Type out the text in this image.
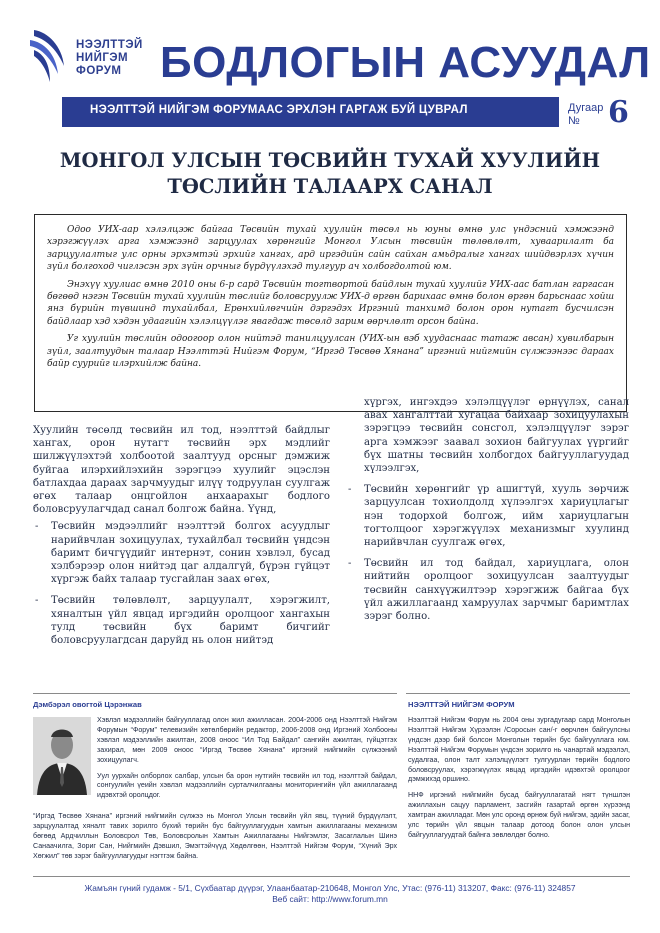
НЭЭЛТТЭЙ
НИЙГЭМ
ФОРУМ БОДЛОГЫН АСУУДАЛ
НЭЭЛТТЭЙ НИЙГЭМ ФОРУМААС ЭРХЛЭН ГАРГАЖ БУЙ ЦУВРАЛ	Дугаар
№ 6
МОНГОЛ УЛСЫН ТӨСВИЙН ТУХАЙ ХУУЛИЙН
ТӨСЛИЙН ТАЛААРХ САНАЛ

Одоо УИХ-аар хэлэлцэж байгаа Төсвийн тухай хуулийн төсөл нь юуны өмнө улс үндэсний хэмжээнд хэрэгжүүлэх арга хэмжээнд зарцуулах хөрөнгийг Монгол Улсын төсвийн төлөвлөлт, хуваарилалт ба зарцуулалтыг улс орны эрхэмтэй эрхийг хангах, ард иргэдийн сайн сайхан амьдралыг хангах шийдвэрлэх хүчин зүйл болгоход чиглэсэн эрх зүйн орчныг бүрдүүлэхэд тулгуур ач холбогдолтой юм.

Энэхүү хуулиас өмнө 2010 оны 6-р сард Төсвийн тогтвортой байдлын тухай хуулийг УИХ-аас батлан гаргасан бөгөөд нэгэн Төсвийн тухай хуулийн төслийг боловсруулж УИХ-д өргөн барихаас өмнө болон өргөн барьснаас хойш янз бүрийн түвшинд тухайлбал, Ерөнхийлөгчийн дэргэдэх Иргэний танхимд болон орон нутагт бусчилсэн байдлаар хэд хэдэн удаагийн хэлэлцүүлэг явагдаж төсөлд зарим өөрчлөлт орсон байна.

Уг хуулийн төслийн одоогоор олон нийтэд танилцуулсан (УИХ-ын вэб хуудаснаас татаж авсан) хувилбарын зүйл, заалтуудын талаар Нээлттэй Нийгэм Форум, “Иргэд Төсвөө Хянана” иргэний нийгмийн сүлжээнээс дараах байр суурийг илэрхийлж байна.

Хуулийн төсөлд төсвийн ил тод, нээлттэй байдлыг хангах, орон нутагт төсвийн эрх мэдлийг шилжүүлэхтэй холбоотой заалтууд орсныг дэмжиж буйгаа илэрхийлэхийн зэрэгцээ хуулийг эцэслэн батлахдаа дараах зарчмуудыг илүү тодруулан суулгаж өгөх талаар онцгойлон анхаарахыг бодлого боловсруулагчдад санал болгож байна. Үүнд,

- Төсвийн мэдээллийг нээлттэй болгох асуудлыг нарийвчлан зохицуулах, тухайлбал төсвийн үндсэн баримт бичгүүдийг интернэт, сонин хэвлэл, бусад хэлбэрээр олон нийтэд цаг алдалгүй, бүрэн гүйцэт хүргэж байх талаар тусгайлан заах өгөх,
- Төсвийн төлөвлөлт, зарцуулалт, хэрэгжилт, хяналтын үйл явцад иргэдийн оролцоог хангахын тулд төсвийн бүх баримт бичгийг боловсруулагдсан даруйд нь олон нийтэд
хүргэх, ингэхдээ хэлэлцүүлэг өрнүүлэх, санал авах хангалттай хугацаа байхаар зохицуулахын зэрэгцээ төсвийн сонсгол, хэлэлцүүлэг зэрэг арга хэмжээг заавал зохион байгуулах үүргийг бүх шатны төсвийн холбогдох байгууллагуудад хүлээлгэх,
- Төсвийн хөрөнгийг үр ашигтүй, хууль зөрчиж зарцуулсан тохиолдолд хүлээлгэх хариуцлагыг нэн тодорхой болгож, ийм хариуцлагын тогтолцоог хэрэгжүүлэх механизмыг хуулинд нарийвчлан суулгаж өгөх,
- Төсвийн ил тод байдал, хариуцлага, олон нийтийн оролцоог зохицуулсан заалтуудыг төсвийн санхүүжилтээр хэрэгжиж байгаа бүх үйл ажиллагаанд хамруулах зарчмыг баримтлах зэрэг болно.
Дэмбэрэл овогтой Цэрэнжав

Хэвлэл мэдээллийн байгууллагад олон жил ажилласан. 2004-2006 онд Нээлттэй Нийгэм Форумын “Форум” телевизийн хөтөлбөрийн редактор, 2006-2008 онд Иргэний Холбооны хэвлэл мэдээллийн ажилтан, 2008 оноос “Ил Тод Байдал” сангийн ажилтан, гүйцэтгэх захирал, мөн 2009 оноос “Иргэд Төсвөө Хянана” иргэний нийгмийн сүлжээний зохицуулагч.

Уул уурхайн олборлох салбар, улсын ба орон нутгийн төсвийн ил тод, нээлттэй байдал, сонгуулийн үеийн хэвлэл мэдээллийн сурталчилгааны мониторингийн үйл ажиллагаанд идэвхтэй оролцдог.

“Иргэд Төсвөө Хянана” иргэний нийгмийн сүлжээ нь Монгол Улсын төсвийн үйл явц, түүний бүрдүүлэлт, зарцуулалтад хяналт тавих зорилго бүхий төрийн бус байгууллагуудын хамтын ажиллагааны механизм бөгөөд Ардчиллын Боловсрол Төв, Боловсролын Хамтын Ажиллагааны Нийгэмлэг, Засаглалын Шинэ Санаачилга, Зориг Сан, Нийгмийн Дэвшил, Эмэгтэйчүүд Хөдөлгөөн, Нээлттэй Нийгэм Форум, “Хүний Эрх Хөгжил” төв зэрэг байгууллагуудыг нэгтгэж байна.
НЭЭЛТТЭЙ НИЙГЭМ ФОРУМ

Нээлттэй Нийгэм Форум нь 2004 оны зургадугаар сард Монголын Нээлттэй Нийгэм Хүрээлэн /Соросын сан/-г өөрчлөн байгуулсны үндсэн дээр бий болсон Монголын төрийн бус байгууллага юм. Нээлттэй Нийгэм Форумын үндсэн зорилго нь чанартай мэдээлэл, судалгаа, олон талт хэлэлцүүлэгт тулгуурлан төрийн бодлого боловсруулах, хэрэгжүүлэх явцад иргэдийн идэвхтэй оролцоог дэмжихэд оршино.

ННФ иргэний нийгмийн бусад байгууллагатай нягт түншлэн ажиллахын сацуу парламент, засгийн газартай өргөн хүрээнд хамтран ажилладаг. Мөн улс оронд өрнөж буй нийгэм, эдийн засаг, улс төрийн үйл явцын талаар дотоод болон олон улсын байгууллагуудтай байнга зөвлөлдөг болно.

Жамъян гүний гудамж - 5/1, Сүхбаатар дүүрэг, Улаанбаатар-210648, Монгол Улс, Утас: (976-11) 313207, Факс: (976-11) 324857
Веб сайт: http://www.forum.mn
